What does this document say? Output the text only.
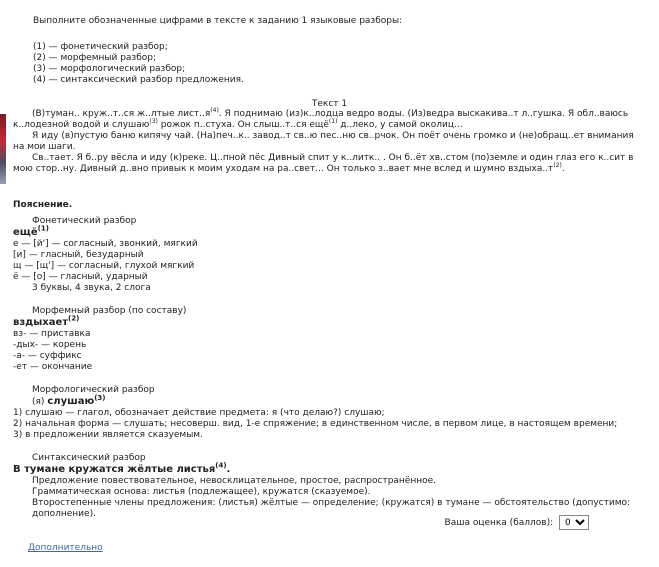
Выполните обозначенные цифрами в тексте к заданию 1 языковые разборы:
(1) — фонетический разбор;
(2) — морфемный разбор;
(3) — морфологический разбор;
(4) — синтаксический разбор предложения.
Текст 1

(В)туман.. круж..т..ся ж..лтые $лист..я^{(4)}$. Я поднимаю (из)к..лодца ведро воды. (Из)ведра выскакива..т л..гушка. Я обл..ваюсь к..лодезной водой и слушаю$^{(3)}$ рожок п..стуха. Он слыш..т..ся ещё$^{(1)}$ д..леко, у самой околиц...

Я иду (в)пустую баню кипячу чай. (На)печ..к.. завод..т св..ю пес..ню св..рчок. Он поёт очень громко и (не)обращ..ет внимания на мои шаги.

Св..тает. Я б..ру вёсла и иду (к)реке. Ц..пной пёс Дивный спит у к..литк.. . Он б..ёт хв..стом (по)земле и один глаз его к..сит в мою стор..ну. Дивный д..вно привык к моим уходам на ра..свет... Он только з..вает мне вслед и шумно $вздыха..т^{(2)}$.

Пояснение.
Фонетический разбор
ещё$^{(1)}$
е — [й'] — согласный, звонкий, мягкий
[и] — гласный, безударный
щ — [щ'] — согласный, глухой мягкий
ё — [о] — гласный, ударный
3 буквы, 4 звука, 2 слога
Морфемный разбор (по составу)
вздыхает$^{(2)}$
вз- — приставка
-дых- — корень
-а- — суффикс
-ет — окончание
Морфологический разбор
(я) слушаю$^{(3)}$
1) слушаю — глагол, обозначает действие предмета: я (что делаю?) слушаю;
2) начальная форма — слушать; несоверш. вид, 1-е спряжение; в единственном числе, в первом лице, в настоящем времени;
3) в предложении является сказуемым.
Синтаксический разбор
В тумане кружатся жёлтые листья$^{(4)}$.
Предложение повествовательное, невосклицательное, простое, распространённое.
Грамматическая основа: листья (подлежащее), кружатся (сказуемое).
Второстепенные члены предложения: (листья) жёлтые — определение; (кружатся) в тумане — обстоятельство (допустимо: дополнение).
Ваша оценка (баллов):
0
Дополнительно
